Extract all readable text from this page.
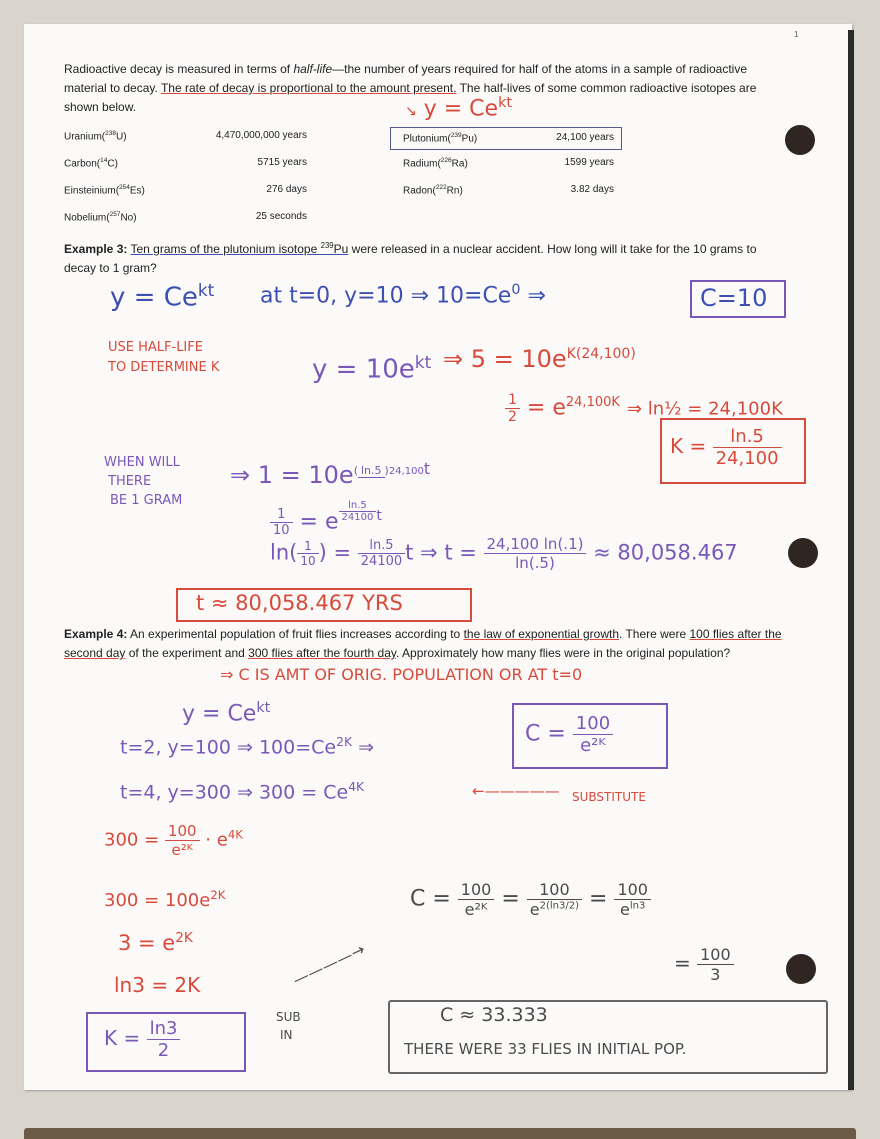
1
Radioactive decay is measured in terms of half-life—the number of years required for half of the atoms in a sample of radioactive material to decay. The rate of decay is proportional to the amount present. The half-lives of some common radioactive isotopes are shown below.	↘ $y = Ce^{kt}$
Uranium($^{238}$U)	4,470,000,000 years
Carbon($^{14}$C)	5715 years
Einsteinium($^{254}$Es)	276 days
Nobelium($^{257}$No)	25 seconds
Plutonium($^{239}$Pu)	24,100 years
Radium($^{226}$Ra)	1599 years
Radon($^{222}$Rn)	3.82 days
Example 3: Ten grams of the plutonium isotope $^{239}$Pu were released in a nuclear accident. How long will it take for the 10 grams to decay to 1 gram?
$y = Ce^{kt}$ at t=0, y=10 ⇒ $10=Ce^0$ ⇒	C=10
USE HALF-LIFE
TO DETERMINE K	$y = 10e^{kt}$ ⇒ $5 = 10e^{K(24,100)}$
$\frac{1}{2} = e^{24,100K}$ ⇒ ln½ = 24,100K
$K = \frac{\ln.5}{24,100}$
WHEN WILL
THERE
BE 1 GRAM
⇒ 1 = 10e( ln.5 )$^{24,100t}$
$\frac{1}{10} = e \frac{\ln.5}{24100} ^t$
$\ln( \frac{1}{10}$ ) = $\frac{\ln.5}{24100}$ t ⇒ $t = \frac{24,100 \ln(.1)}{\ln(.5)} \approx 80,058.467$
t ≈ 80,058.467 YRS
Example 4: An experimental population of fruit flies increases according to the law of exponential growth. There were 100 flies after the second day of the experiment and 300 flies after the fourth day. Approximately how many flies were in the original population?
⇒ C IS AMT OF ORIG. POPULATION OR AT t=0
$y = Ce^{kt}$
t=2, y=100 ⇒ $100=Ce^{2K}$ ⇒
$C = \frac{100}{\text{e²ᴷ}}$
t=4, y=300 ⇒ $300 = Ce^{4K}$	←————— SUBSTITUTE
$300 = \frac{100}{\text{e²ᴷ}} \cdot e^{4K}$
$300 = 100e^{2K}$
$3 = e^{2K}$
ln3 = 2K
$K = \frac{\ln 3}{2}$
————→
SUB
IN
$C = \frac{100}{\text{e²ᴷ}} = \frac{100}{e^{2(ln3/2)}} = \frac{100}{e^{ln3}}$
= $\frac{100}{3}$
C ≈ 33.333
THERE WERE 33 FLIES IN INITIAL POP.
